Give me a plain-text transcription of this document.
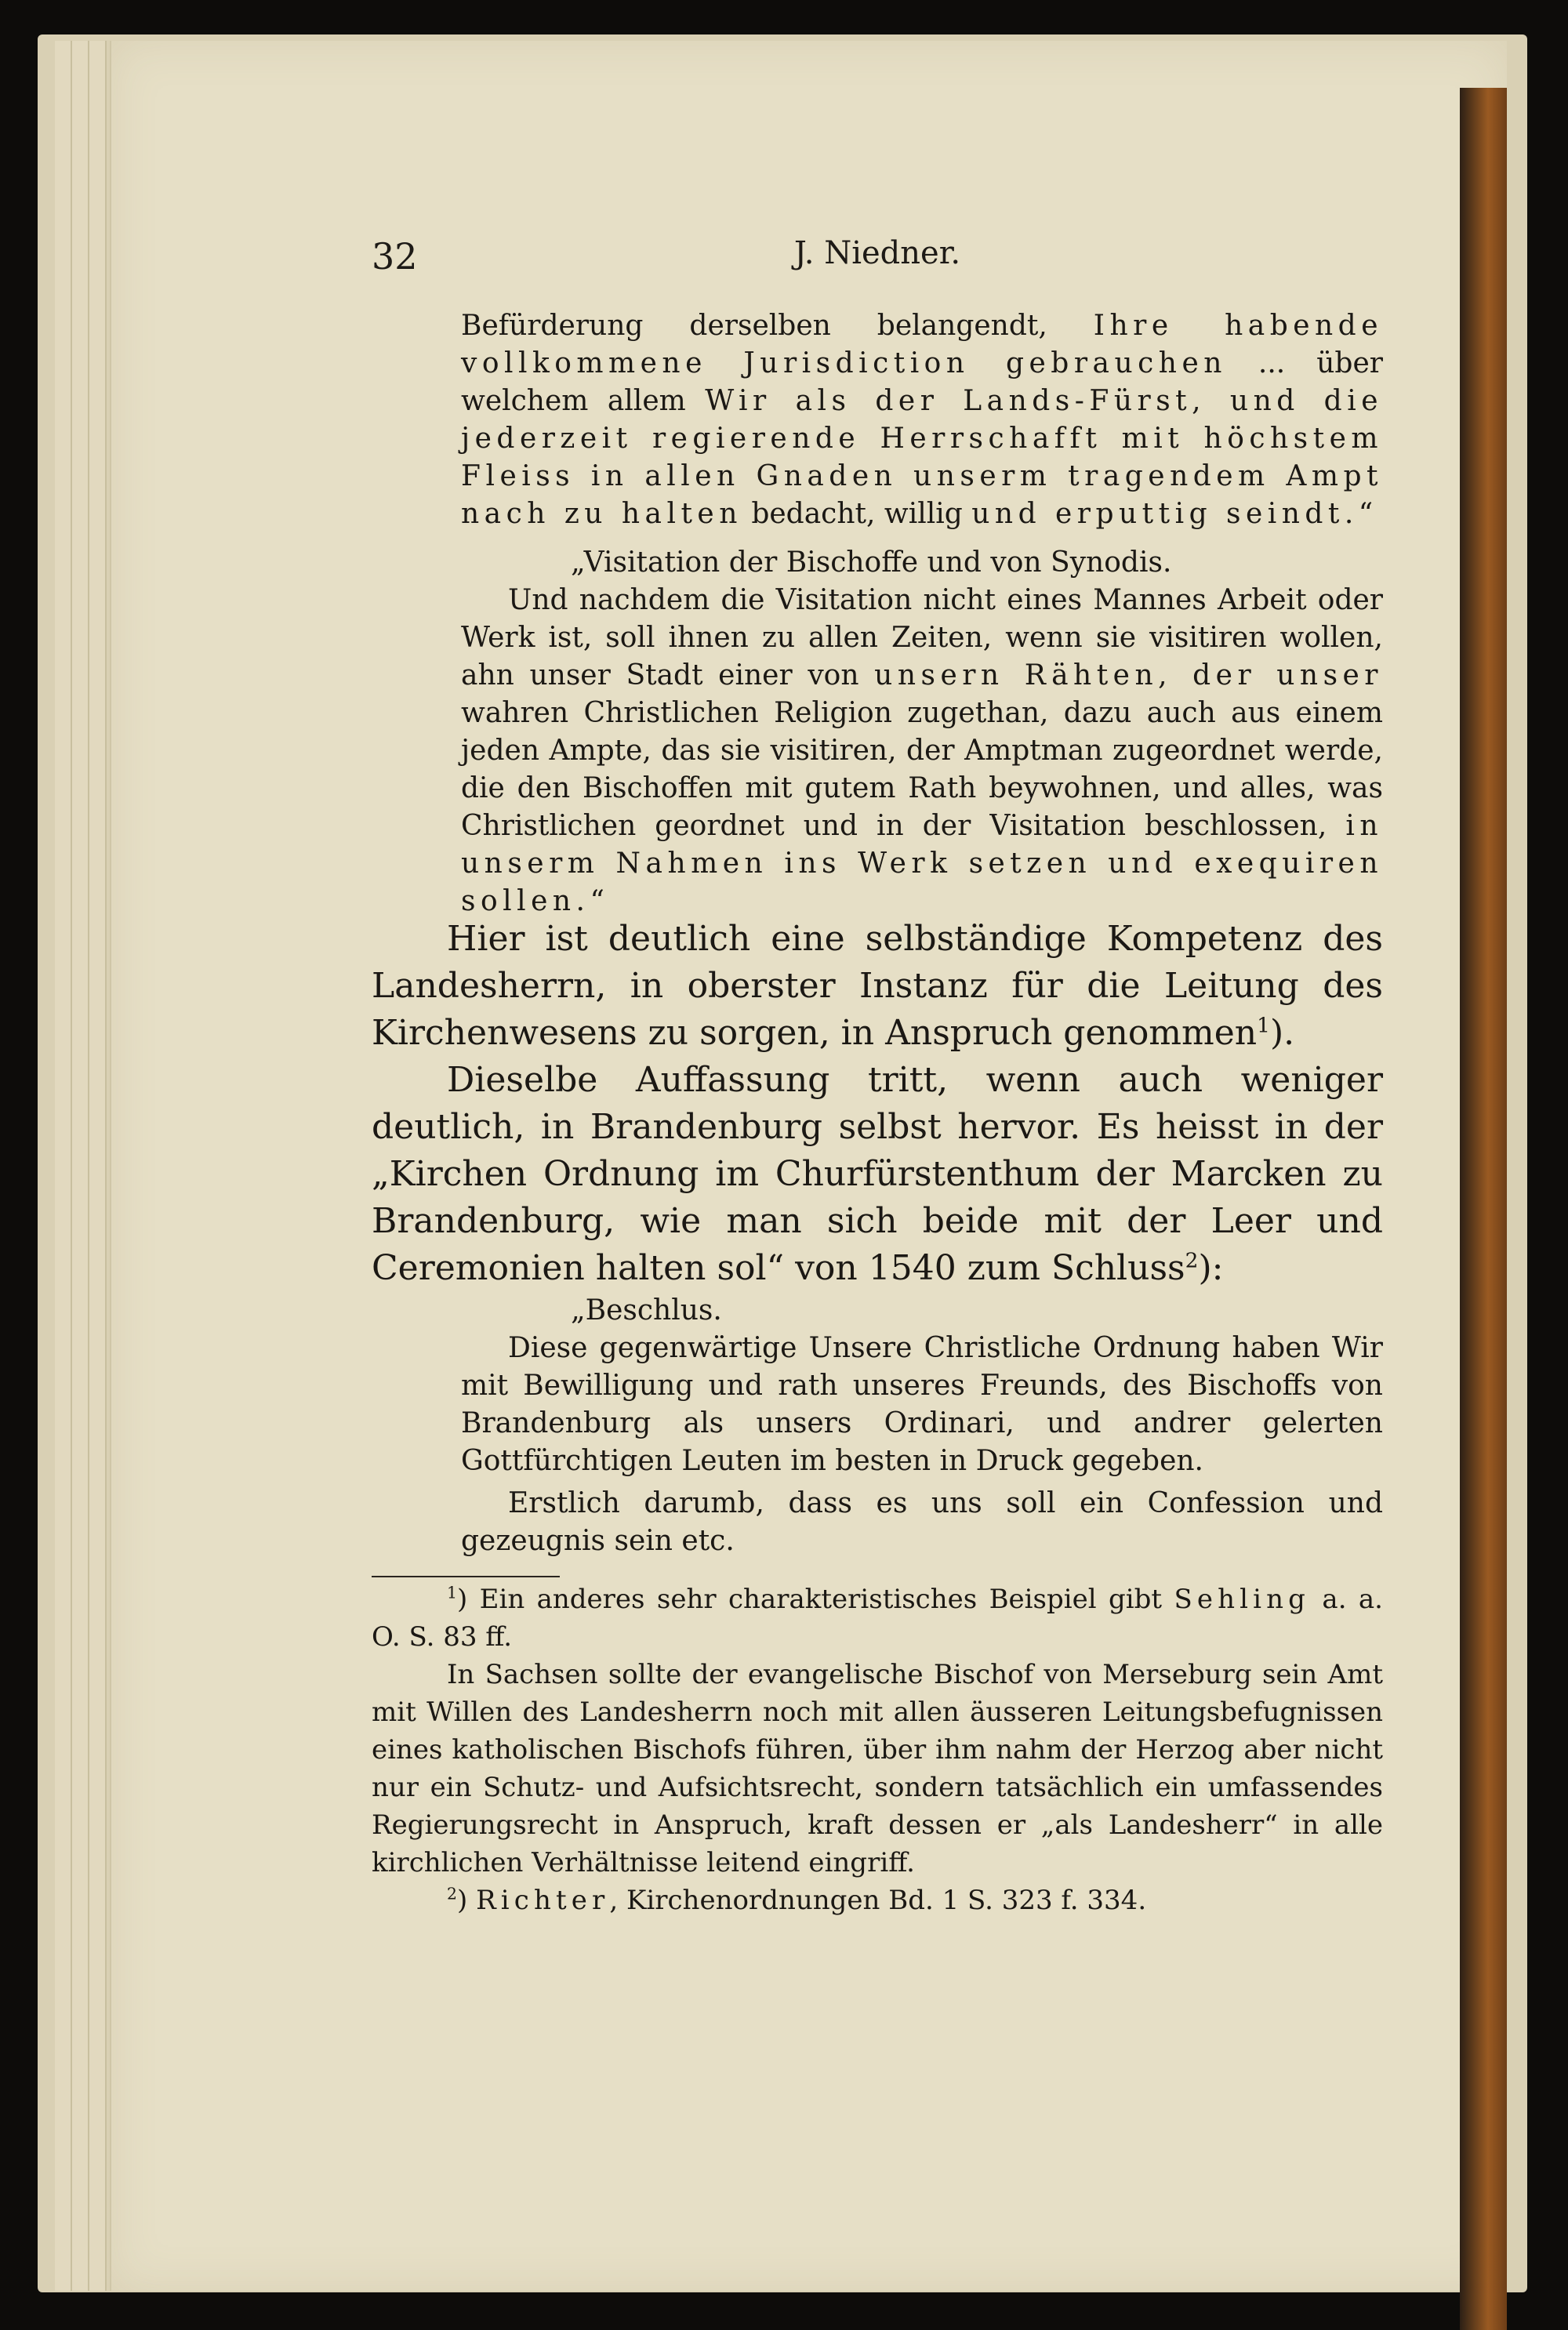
32	J. Niedner.

Befürderung derselben belangendt, Ihre habende vollkommene Jurisdiction gebrauchen ... über welchem allem Wir als der Lands-Fürst, und die jederzeit regierende Herrschafft mit höchstem Fleiss in allen Gnaden unserm tragendem Ampt nach zu halten bedacht, willig und erputtig seindt.“

„Visitation der Bischoffe und von Synodis.

Und nachdem die Visitation nicht eines Mannes Arbeit oder Werk ist, soll ihnen zu allen Zeiten, wenn sie visitiren wollen, ahn unser Stadt einer von unsern Rähten, der unser wahren Christlichen Religion zugethan, dazu auch aus einem jeden Ampte, das sie visitiren, der Amptman zugeordnet werde, die den Bischoffen mit gutem Rath beywohnen, und alles, was Christlichen geordnet und in der Visitation beschlossen, in unserm Nahmen ins Werk setzen und exequiren sollen.“

Hier ist deutlich eine selbständige Kompetenz des Landesherrn, in oberster Instanz für die Leitung des Kirchenwesens zu sorgen, in Anspruch genommen$^1$).

Dieselbe Auffassung tritt, wenn auch weniger deutlich, in Brandenburg selbst hervor. Es heisst in der „Kirchen Ordnung im Churfürstenthum der Marcken zu Brandenburg, wie man sich beide mit der Leer und Ceremonien halten sol“ von 1540 zum Schluss$^2$):

„Beschlus.

Diese gegenwärtige Unsere Christliche Ordnung haben Wir mit Bewilligung und rath unseres Freunds, des Bischoffs von Brandenburg als unsers Ordinari, und andrer gelerten Gottfürchtigen Leuten im besten in Druck gegeben.

Erstlich darumb, dass es uns soll ein Confession und gezeugnis sein etc.

$^1$) Ein anderes sehr charakteristisches Beispiel gibt Sehling a. a. O. S. 83 ff.

In Sachsen sollte der evangelische Bischof von Merseburg sein Amt mit Willen des Landesherrn noch mit allen äusseren Leitungsbefugnissen eines katholischen Bischofs führen, über ihm nahm der Herzog aber nicht nur ein Schutz- und Aufsichtsrecht, sondern tatsächlich ein umfassendes Regierungsrecht in Anspruch, kraft dessen er „als Landesherr“ in alle kirchlichen Verhältnisse leitend eingriff.

$^2$) Richter, Kirchenordnungen Bd. 1 S. 323 f. 334.
